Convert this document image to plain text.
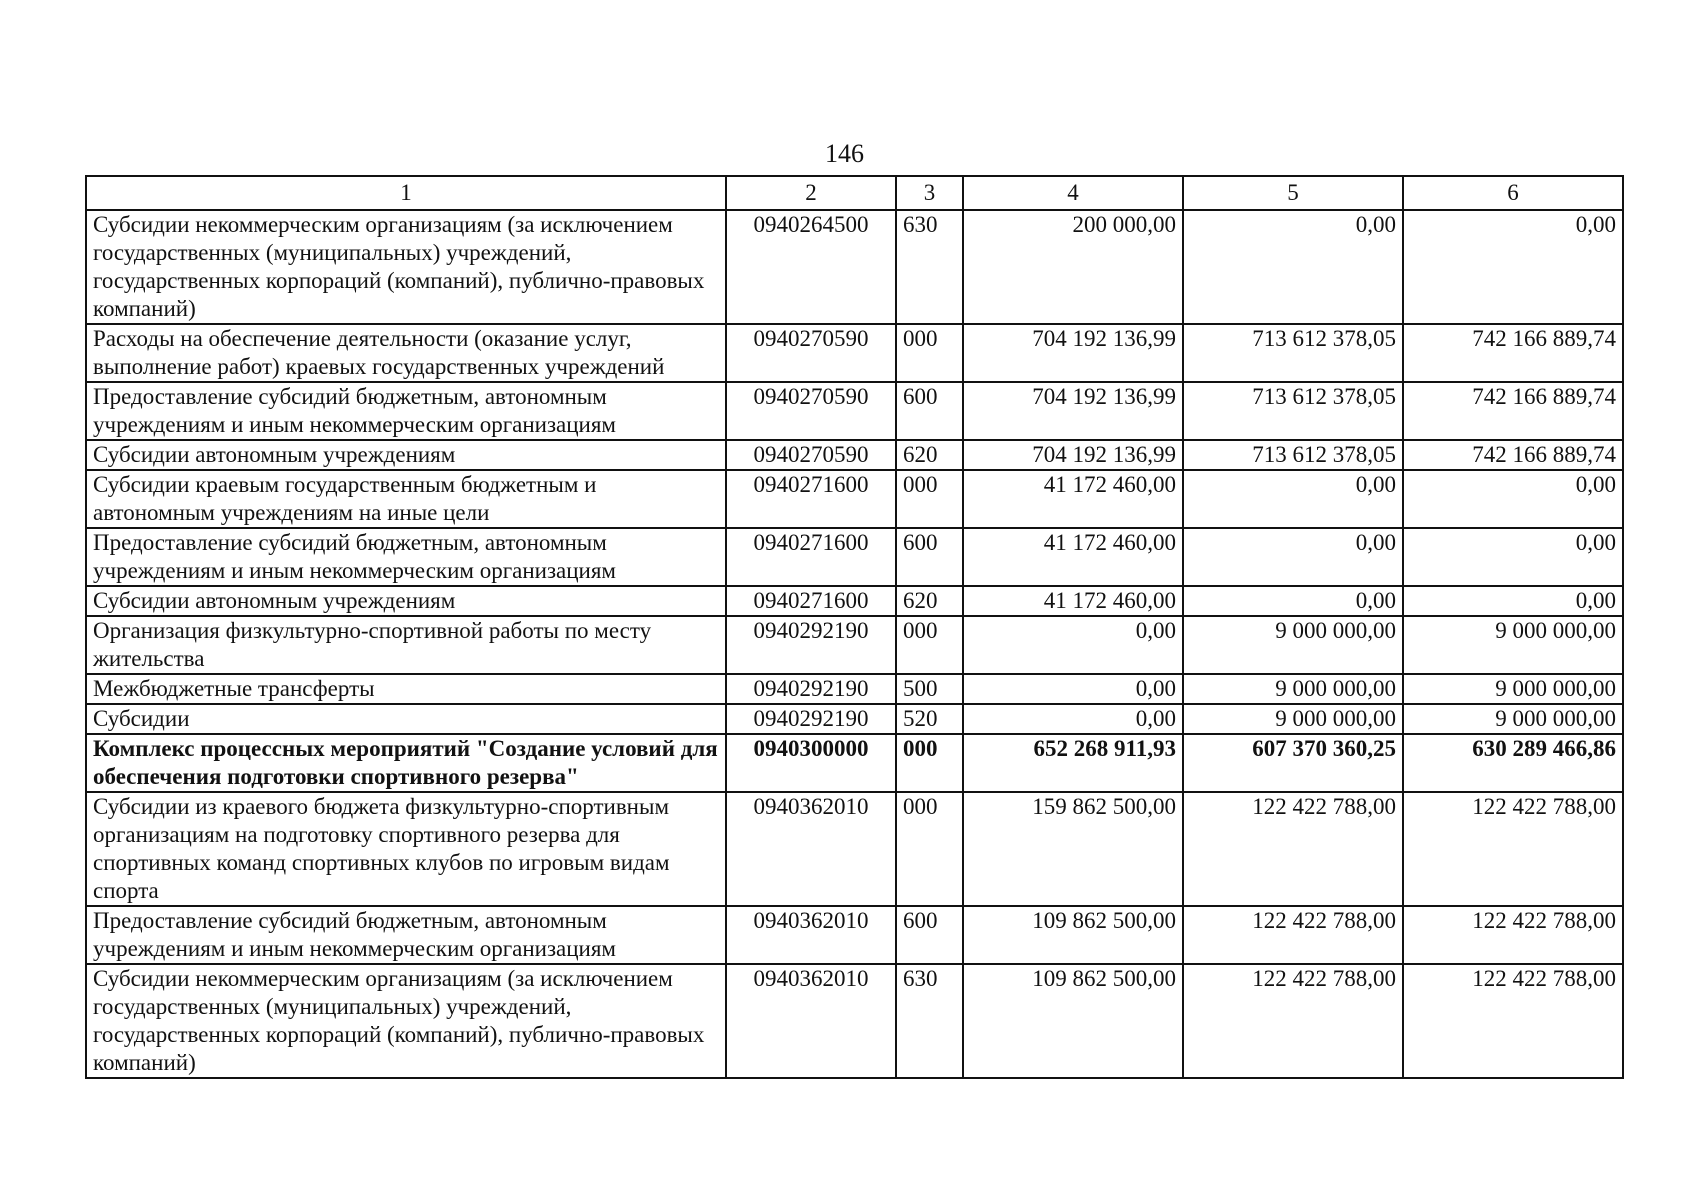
146
1	2	3	4	5	6
Субсидии некоммерческим организациям (за исключением государственных (муниципальных) учреждений, государственных корпораций (компаний), публично-правовых компаний)	0940264500	630	200 000,00	0,00	0,00
Расходы на обеспечение деятельности (оказание услуг, выполнение работ) краевых государственных учреждений	0940270590	000	704 192 136,99	713 612 378,05	742 166 889,74
Предоставление субсидий бюджетным, автономным учреждениям и иным некоммерческим организациям	0940270590	600	704 192 136,99	713 612 378,05	742 166 889,74
Субсидии автономным учреждениям	0940270590	620	704 192 136,99	713 612 378,05	742 166 889,74
Субсидии краевым государственным бюджетным и автономным учреждениям на иные цели	0940271600	000	41 172 460,00	0,00	0,00
Предоставление субсидий бюджетным, автономным учреждениям и иным некоммерческим организациям	0940271600	600	41 172 460,00	0,00	0,00
Субсидии автономным учреждениям	0940271600	620	41 172 460,00	0,00	0,00
Организация физкультурно-спортивной работы по месту жительства	0940292190	000	0,00	9 000 000,00	9 000 000,00
Межбюджетные трансферты	0940292190	500	0,00	9 000 000,00	9 000 000,00
Субсидии	0940292190	520	0,00	9 000 000,00	9 000 000,00
Комплекс процессных мероприятий "Создание условий для обеспечения подготовки спортивного резерва"	0940300000	000	652 268 911,93	607 370 360,25	630 289 466,86
Субсидии из краевого бюджета физкультурно-спортивным организациям на подготовку спортивного резерва для спортивных команд спортивных клубов по игровым видам спорта	0940362010	000	159 862 500,00	122 422 788,00	122 422 788,00
Предоставление субсидий бюджетным, автономным учреждениям и иным некоммерческим организациям	0940362010	600	109 862 500,00	122 422 788,00	122 422 788,00
Субсидии некоммерческим организациям (за исключением государственных (муниципальных) учреждений, государственных корпораций (компаний), публично-правовых компаний)	0940362010	630	109 862 500,00	122 422 788,00	122 422 788,00
